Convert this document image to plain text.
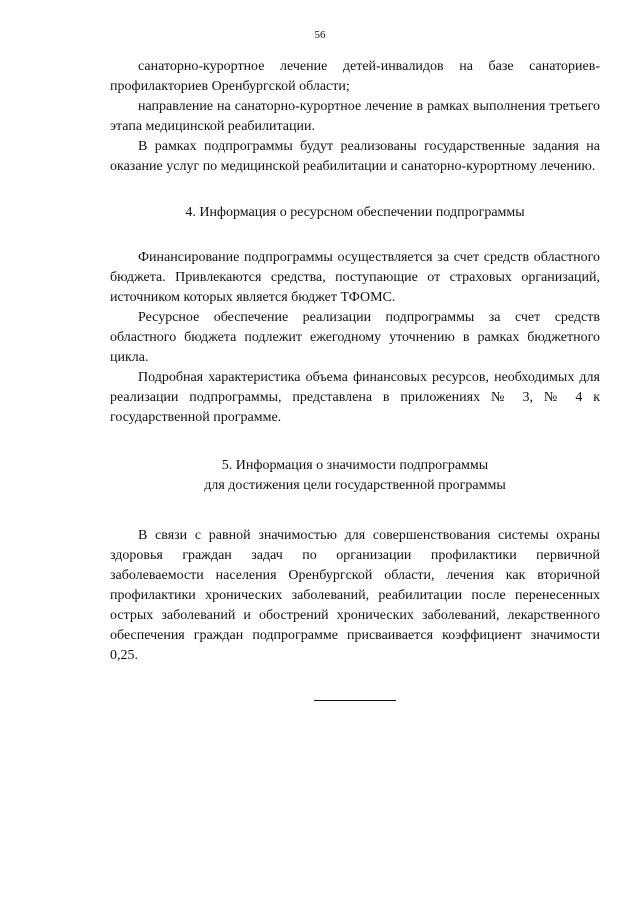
56

санаторно-курортное лечение детей-инвалидов на базе санаториев-профилакториев Оренбургской области;

направление на санаторно-курортное лечение в рамках выполнения третьего этапа медицинской реабилитации.

В рамках подпрограммы будут реализованы государственные задания на оказание услуг по медицинской реабилитации и санаторно-курортному лечению.

4. Информация о ресурсном обеспечении подпрограммы

Финансирование подпрограммы осуществляется за счет средств областного бюджета. Привлекаются средства, поступающие от страховых организаций, источником которых является бюджет ТФОМС.

Ресурсное обеспечение реализации подпрограммы за счет средств областного бюджета подлежит ежегодному уточнению в рамках бюджетного цикла.

Подробная характеристика объема финансовых ресурсов, необходимых для реализации подпрограммы, представлена в приложениях № 3, № 4 к государственной программе.

5. Информация о значимости подпрограммы
для достижения цели государственной программы

В связи с равной значимостью для совершенствования системы охраны здоровья граждан задач по организации профилактики первичной заболеваемости населения Оренбургской области, лечения как вторичной профилактики хронических заболеваний, реабилитации после перенесенных острых заболеваний и обострений хронических заболеваний, лекарственного обеспечения граждан подпрограмме присваивается коэффициент значимости 0,25.
